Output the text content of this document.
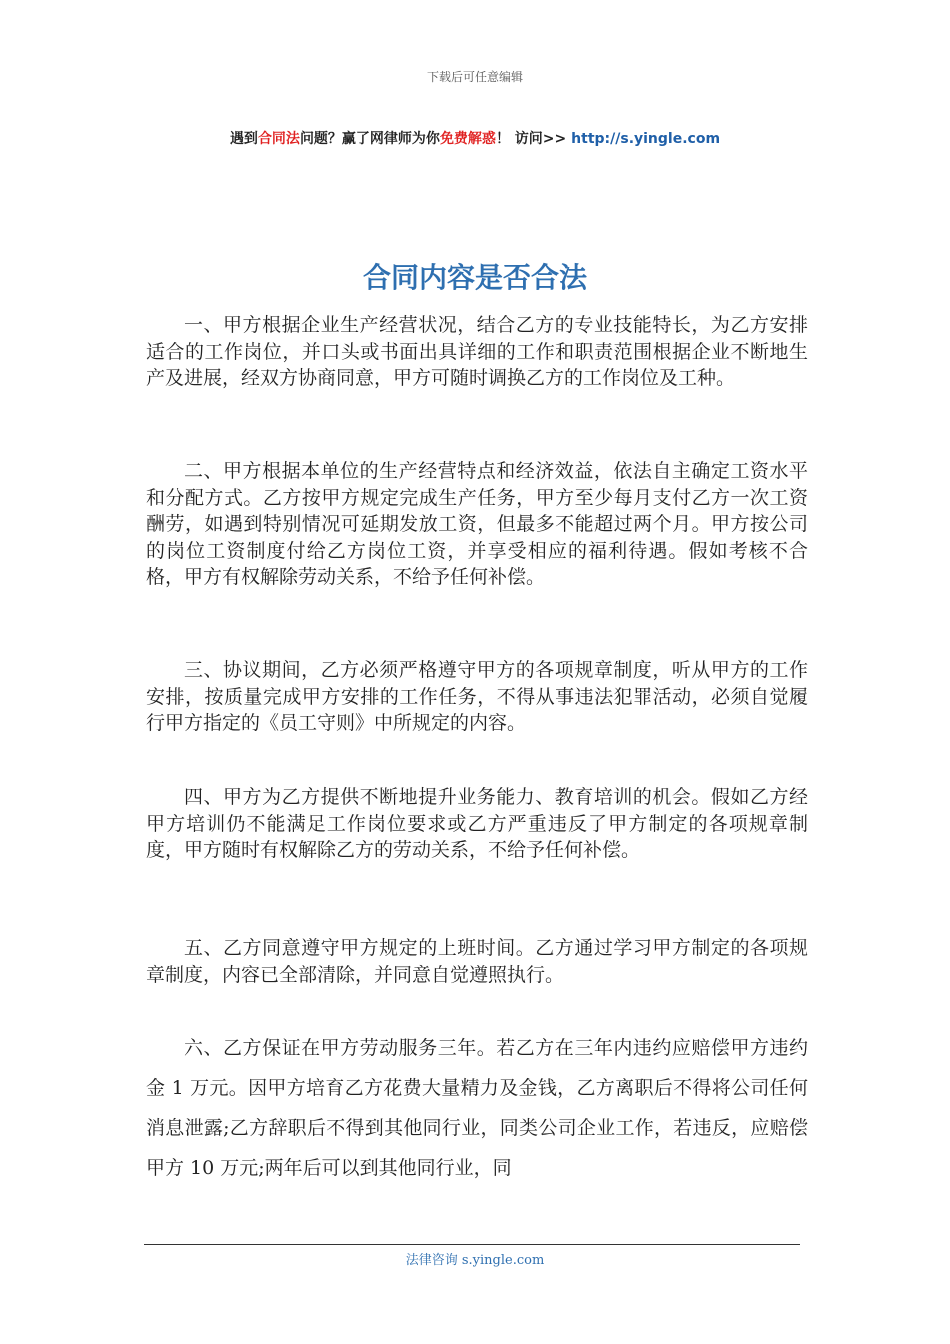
下载后可任意编辑
遇到合同法问题？赢了网律师为你免费解惑！ 访问>> http://s.yingle.com
合同内容是否合法

一、甲方根据企业生产经营状况，结合乙方的专业技能特长，为乙方安排适合的工作岗位，并口头或书面出具详细的工作和职责范围根据企业不断地生产及进展，经双方协商同意，甲方可随时调换乙方的工作岗位及工种。

二、甲方根据本单位的生产经营特点和经济效益，依法自主确定工资水平和分配方式。乙方按甲方规定完成生产任务，甲方至少每月支付乙方一次工资酬劳，如遇到特别情况可延期发放工资，但最多不能超过两个月。甲方按公司的岗位工资制度付给乙方岗位工资，并享受相应的福利待遇。假如考核不合格，甲方有权解除劳动关系，不给予任何补偿。

三、协议期间，乙方必须严格遵守甲方的各项规章制度，听从甲方的工作安排，按质量完成甲方安排的工作任务，不得从事违法犯罪活动，必须自觉履行甲方指定的《员工守则》中所规定的内容。

四、甲方为乙方提供不断地提升业务能力、教育培训的机会。假如乙方经甲方培训仍不能满足工作岗位要求或乙方严重违反了甲方制定的各项规章制度，甲方随时有权解除乙方的劳动关系，不给予任何补偿。

五、乙方同意遵守甲方规定的上班时间。乙方通过学习甲方制定的各项规章制度，内容已全部清除，并同意自觉遵照执行。

六、乙方保证在甲方劳动服务三年。若乙方在三年内违约应赔偿甲方违约金 1 万元。因甲方培育乙方花费大量精力及金钱，乙方离职后不得将公司任何消息泄露;乙方辞职后不得到其他同行业，同类公司企业工作，若违反，应赔偿甲方 10 万元;两年后可以到其他同行业，同

法律咨询 s.yingle.com
